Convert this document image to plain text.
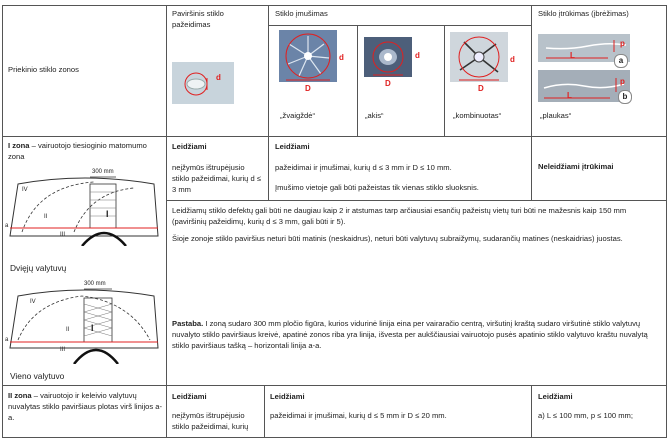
Priekinio stiklo zonos
Paviršinis stiklo pažeidimas
Stiklo įmušimas	Stiklo įtrūkimas (įbrėžimas)
d
d
D
„žvaigždė“
d
D
„akis“
d
D
„kombinuotas“
L
p
a
L
p
b
„plaukas“
I zona – vairuotojo tiesioginio matomumo zona
300 mm
I
II
III
IV
a
Dvięjų valytuvų
300 mm
I
II
III
IV
a
Vieno valytuvo
Leidžiami
neįžymūs ištrupėjusio stiklo pažeidimai, kurių d ≤ 3 mm
Leidžiami
pažeidimai ir įmušimai, kurių d ≤ 3 mm ir D ≤ 10 mm.
Įmušimo vietoje gali būti pažeistas tik vienas stiklo sluoksnis.
Neleidžiami įtrūkimai

Leidžiamų stiklo defektų gali būti ne daugiau kaip 2 ir atstumas tarp arčiausiai esančių pažeistų vietų turi būti ne mažesnis kaip 150 mm (paviršinių pažeidimų, kurių d ≤ 3 mm, gali būti ir 5).

Šioje zonoje stiklo paviršius neturi būti matinis (neskaidrus), neturi būti valytuvų subraižymų, sudarančių matines (neskaidrias) juostas.

Pastaba. I zoną sudaro 300 mm pločio figūra, kurios vidurinė linija eina per vairaračio centrą, viršutinį kraštą sudaro viršutinė stiklo valytuvų nuvalyto stiklo paviršiaus kreivė, apatinė zonos riba yra linija, išvesta per aukščiausiai vairuotojo pusės apatinio stiklo valytuvo kraštu nuvalytą stiklo paviršiaus tašką – horizontali linija a-a.
II zona – vairuotojo ir keleivio valytuvų nuvalytas stiklo paviršiaus plotas virš linijos a-a.
Leidžiami
neįžymūs ištrupėjusio stiklo pažeidimai, kurių
Leidžiami
pažeidimai ir įmušimai, kurių d ≤ 5 mm ir D ≤ 20 mm.
Leidžiami
a) L ≤ 100 mm, p ≤ 100 mm;
